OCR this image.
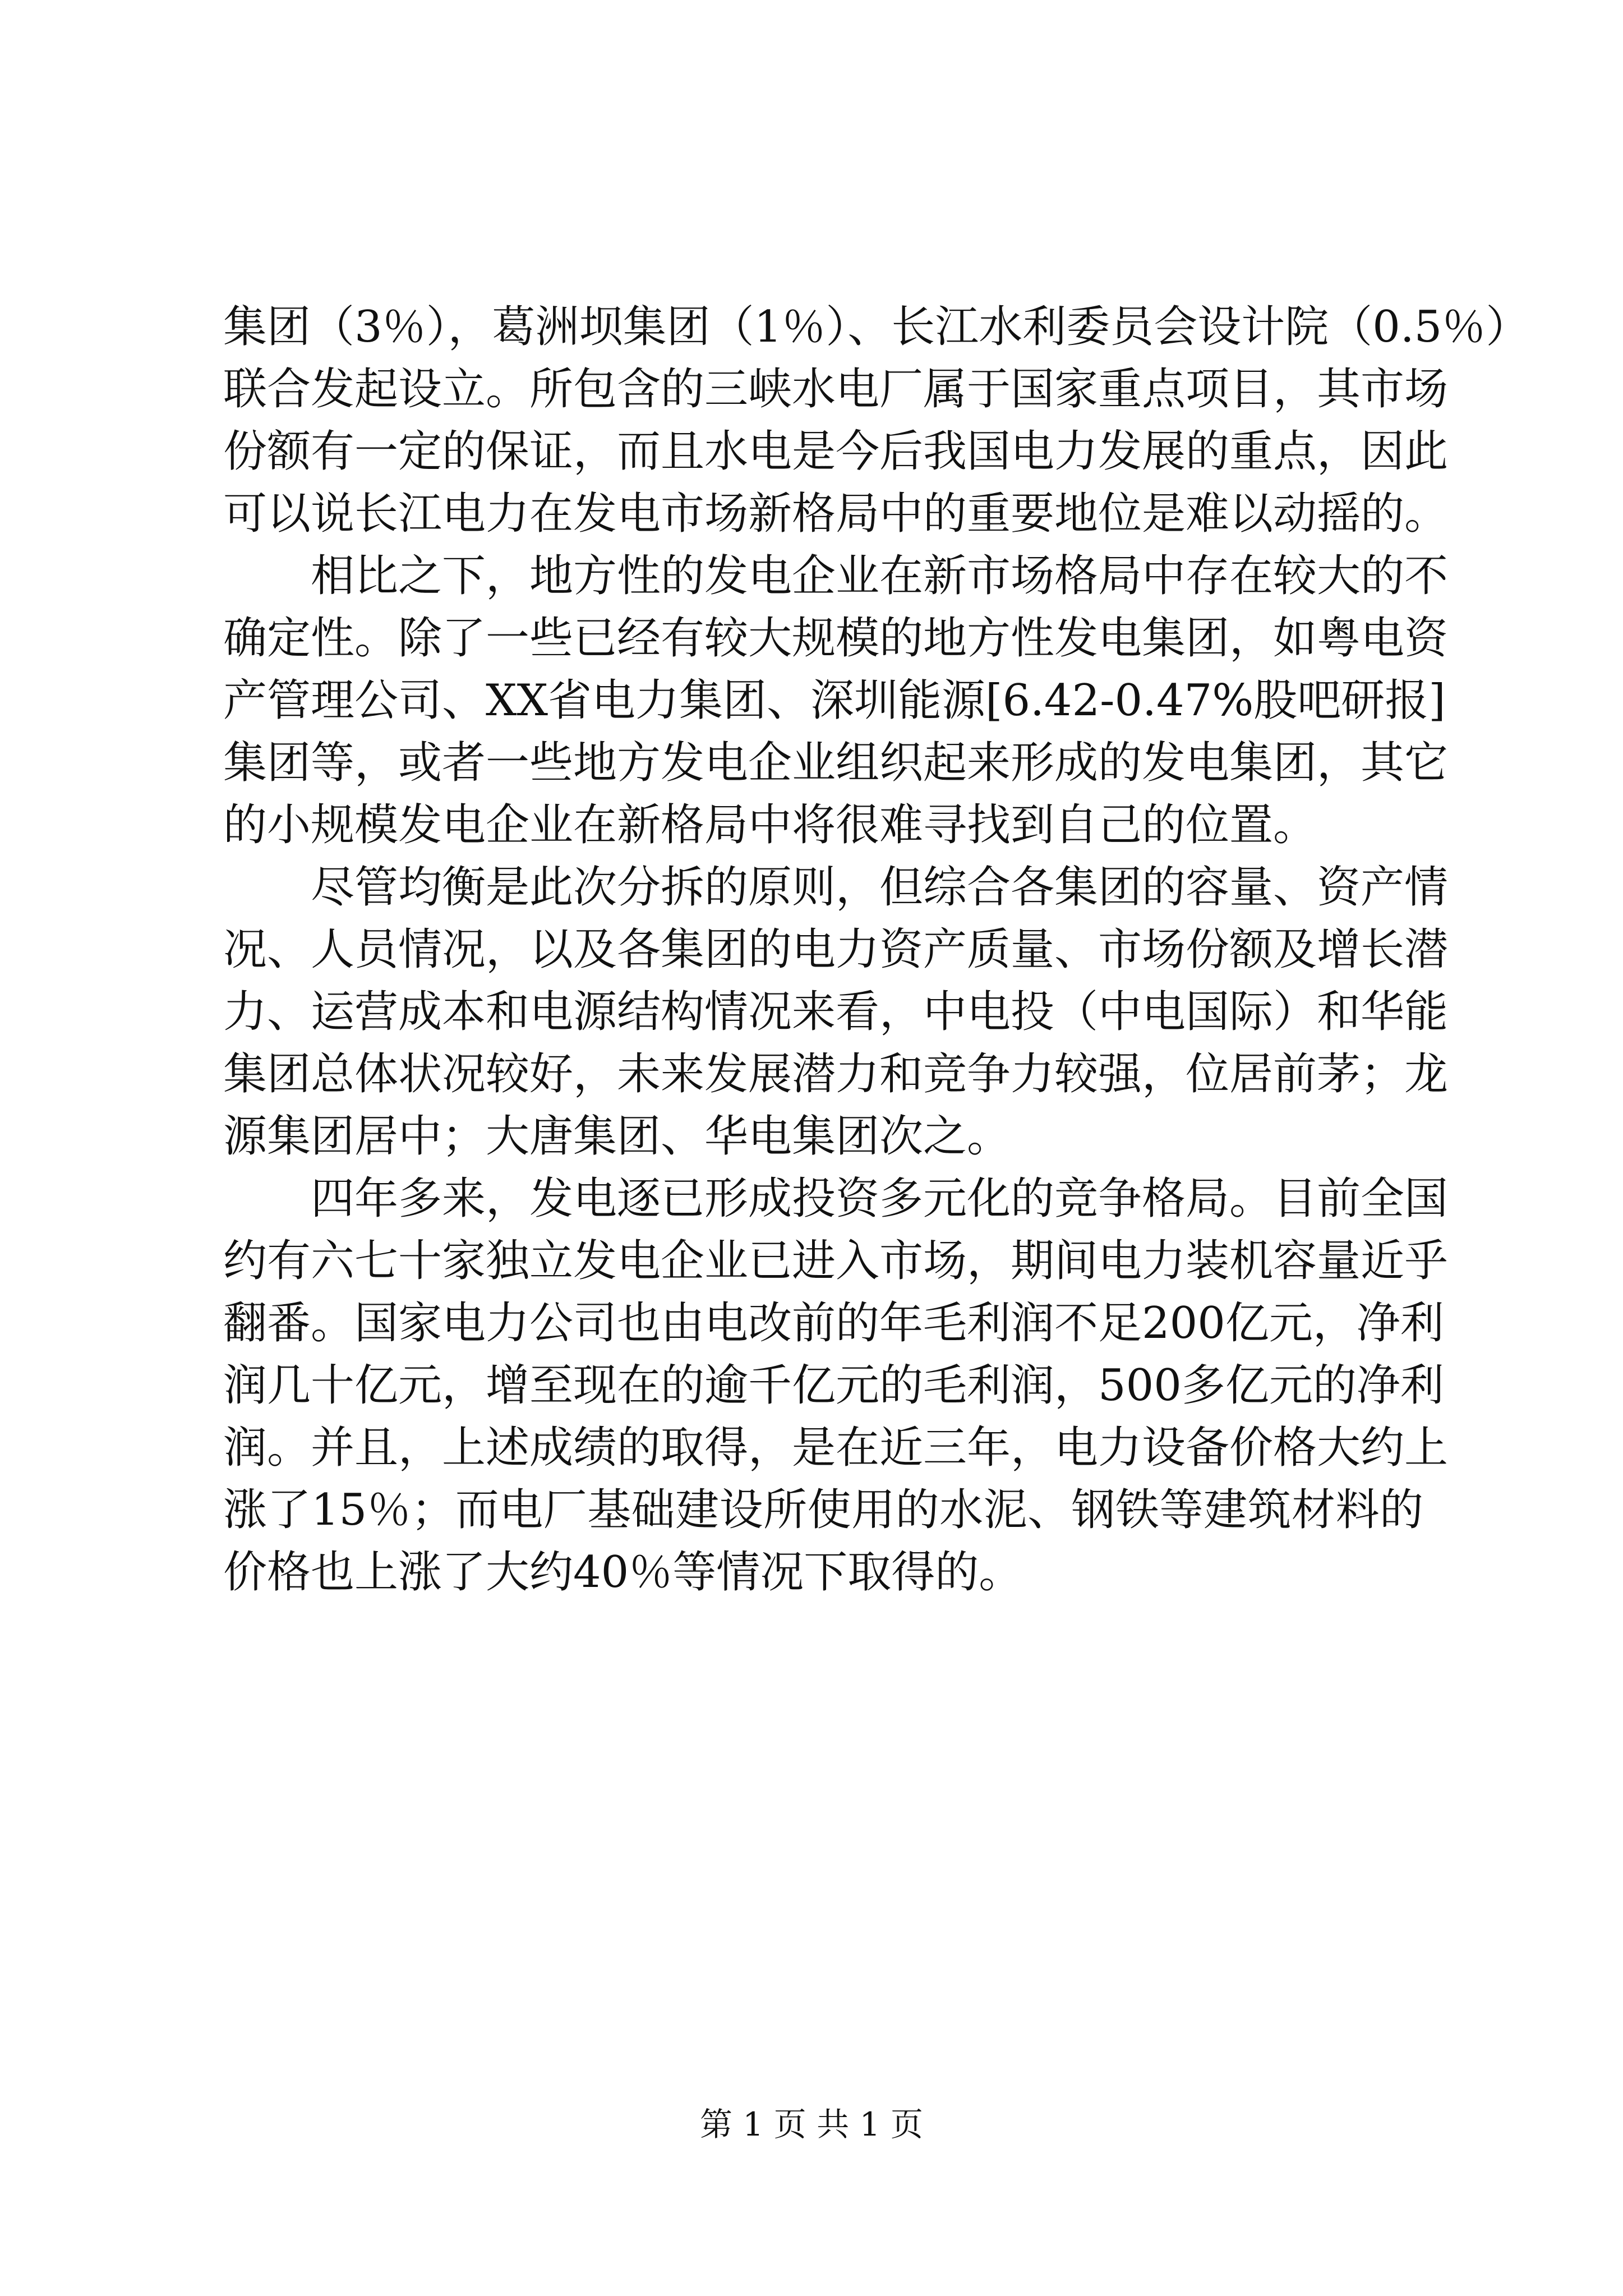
集团（3％），葛洲坝集团（1％）、长江水利委员会设计院（0.5％）
联合发起设立。所包含的三峡水电厂属于国家重点项目，其市场
份额有一定的保证，而且水电是今后我国电力发展的重点，因此
可以说长江电力在发电市场新格局中的重要地位是难以动摇的。
相比之下，地方性的发电企业在新市场格局中存在较大的不
确定性。除了一些已经有较大规模的地方性发电集团，如粤电资
产管理公司、XX省电力集团、深圳能源[6.42-0.47%股吧研报]
集团等，或者一些地方发电企业组织起来形成的发电集团，其它
的小规模发电企业在新格局中将很难寻找到自己的位置。
尽管均衡是此次分拆的原则，但综合各集团的容量、资产情
况、人员情况，以及各集团的电力资产质量、市场份额及增长潜
力、运营成本和电源结构情况来看，中电投（中电国际）和华能
集团总体状况较好，未来发展潜力和竞争力较强，位居前茅；龙
源集团居中；大唐集团、华电集团次之。
四年多来，发电逐已形成投资多元化的竞争格局。目前全国
约有六七十家独立发电企业已进入市场，期间电力装机容量近乎
翻番。国家电力公司也由电改前的年毛利润不足200亿元，净利
润几十亿元，增至现在的逾千亿元的毛利润，500多亿元的净利
润。并且，上述成绩的取得，是在近三年，电力设备价格大约上
涨了15％；而电厂基础建设所使用的水泥、钢铁等建筑材料的
价格也上涨了大约40％等情况下取得的。
第 1 页 共 1 页
